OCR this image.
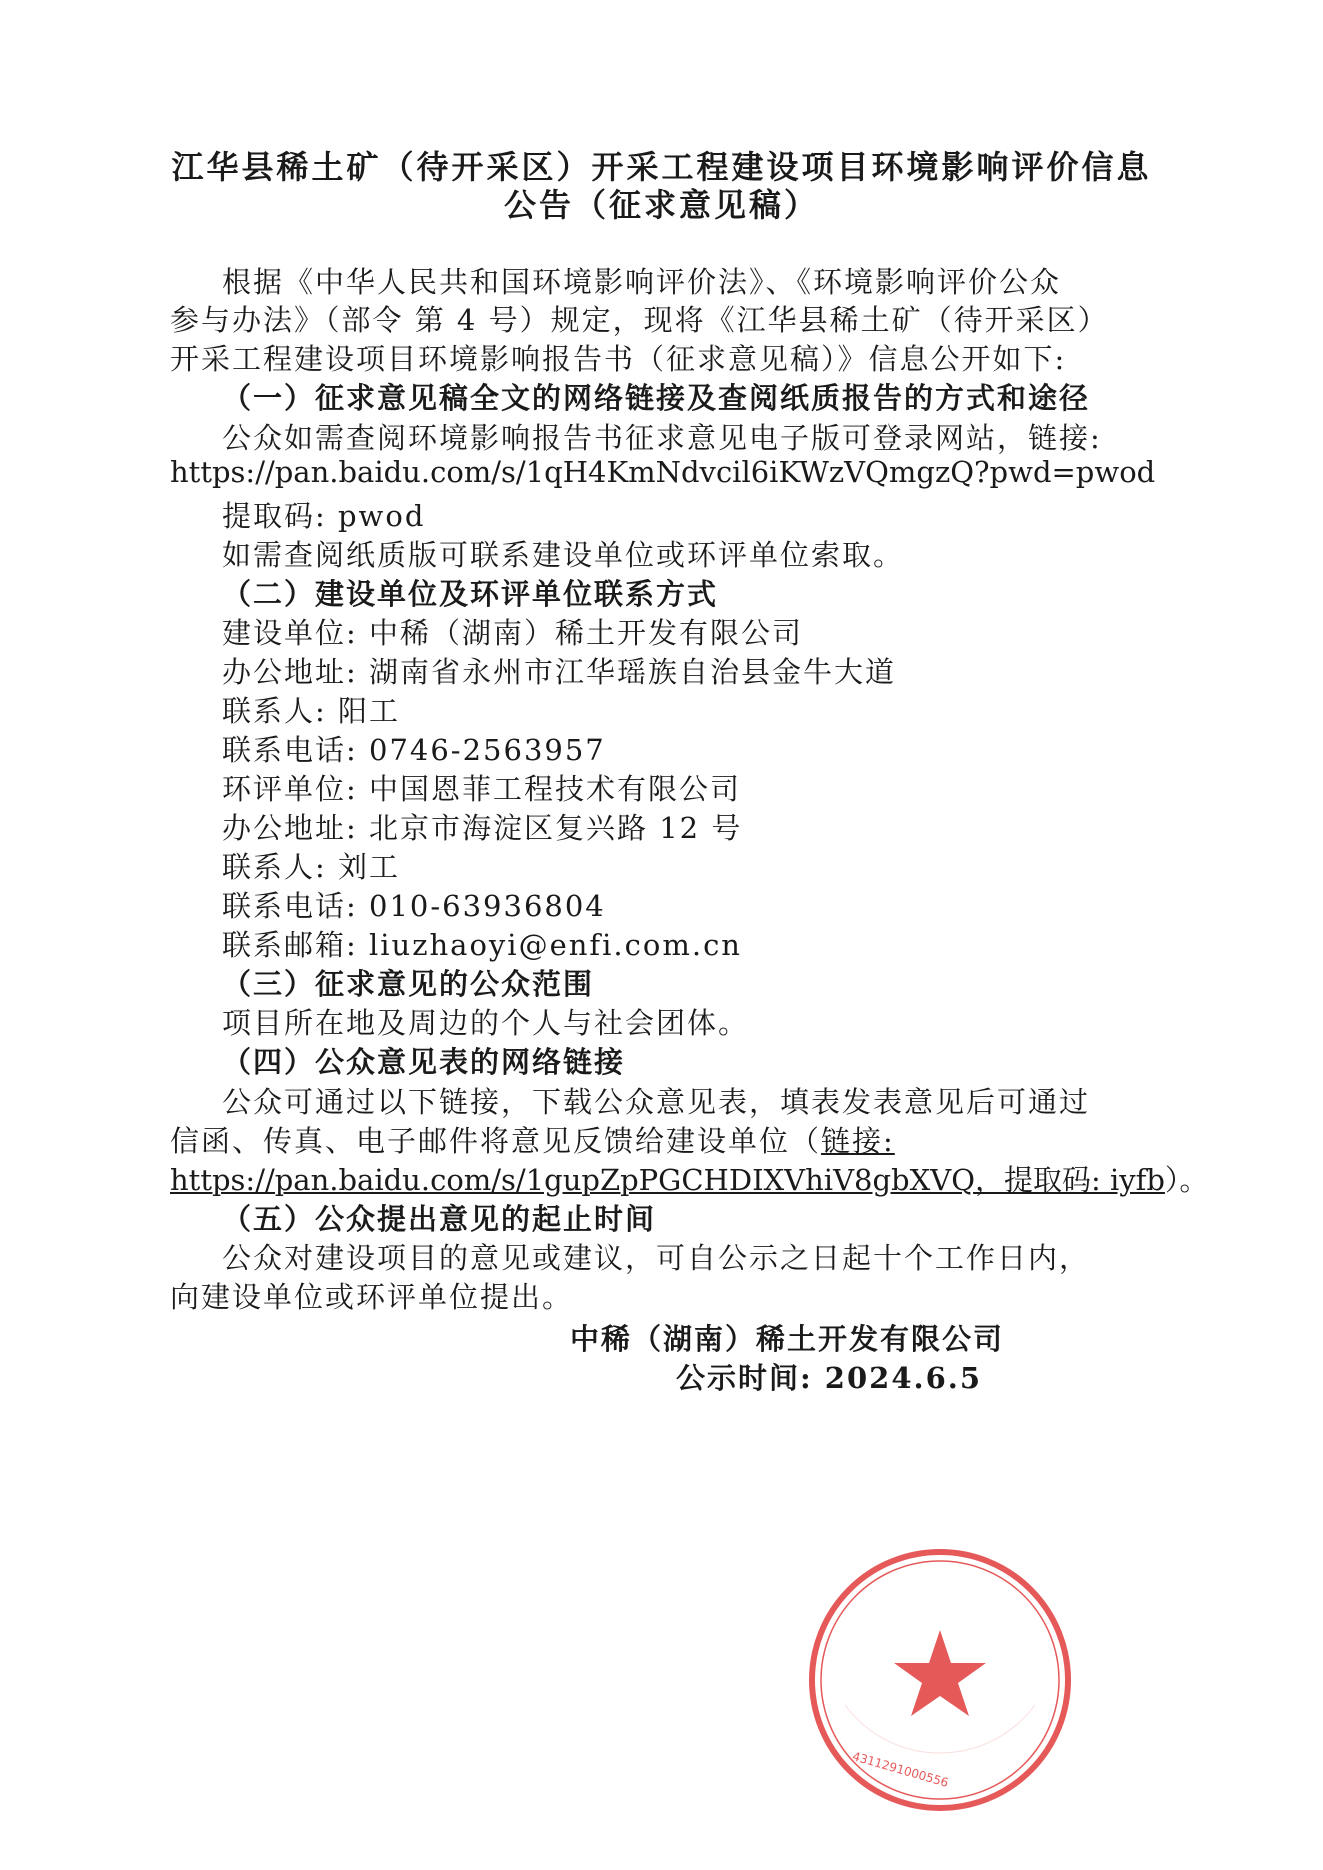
江华县稀土矿（待开采区）开采工程建设项目环境影响评价信息
公告（征求意见稿）
根据《中华人民共和国环境影响评价法》、《环境影响评价公众
参与办法》（部令 第 4 号）规定，现将《江华县稀土矿（待开采区）
开采工程建设项目环境影响报告书（征求意见稿）》信息公开如下:
（一）征求意见稿全文的网络链接及查阅纸质报告的方式和途径
公众如需查阅环境影响报告书征求意见电子版可登录网站，链接:
https://pan.baidu.com/s/1qH4KmNdvcil6iKWzVQmgzQ?pwd=pwod
提取码: pwod
如需查阅纸质版可联系建设单位或环评单位索取。
（二）建设单位及环评单位联系方式
建设单位: 中稀（湖南）稀土开发有限公司
办公地址: 湖南省永州市江华瑶族自治县金牛大道
联系人: 阳工
联系电话: 0746-2563957
环评单位: 中国恩菲工程技术有限公司
办公地址: 北京市海淀区复兴路 12 号
联系人: 刘工
联系电话: 010-63936804
联系邮箱: liuzhaoyi@enfi.com.cn
（三）征求意见的公众范围
项目所在地及周边的个人与社会团体。
（四）公众意见表的网络链接
公众可通过以下链接，下载公众意见表，填表发表意见后可通过
信函、传真、电子邮件将意见反馈给建设单位（链接:
https://pan.baidu.com/s/1gupZpPGCHDIXVhiV8gbXVQ，提取码: iyfb）。
（五）公众提出意见的起止时间
公众对建设项目的意见或建议，可自公示之日起十个工作日内，
向建设单位或环评单位提出。
4311291000556
中稀（湖南）稀土开发有限公司
公示时间: 2024.6.5
